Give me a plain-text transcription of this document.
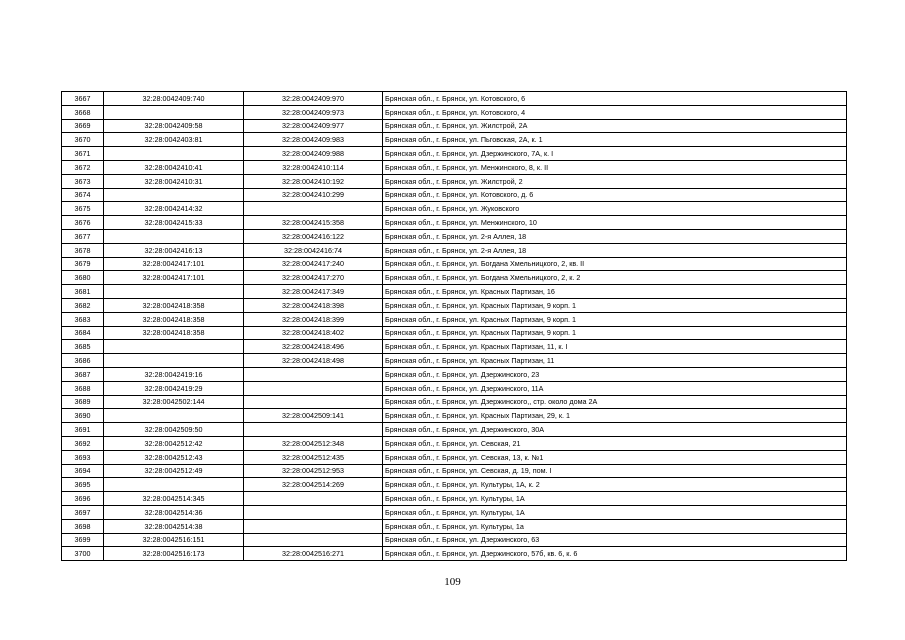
3667	32:28:0042409:740	32:28:0042409:970	Брянская обл., г. Брянск, ул. Котовского, 6
3668		32:28:0042409:973	Брянская обл., г. Брянск, ул. Котовского, 4
3669	32:28:0042409:58	32:28:0042409:977	Брянская обл., г. Брянск, ул. Жилстрой, 2А
3670	32:28:0042403:81	32:28:0042409:983	Брянская обл., г. Брянск, ул. Пьговская, 2А, к. 1
3671		32:28:0042409:988	Брянская обл., г. Брянск, ул. Дзержинского, 7А, к. I
3672	32:28:0042410:41	32:28:0042410:114	Брянская обл., г. Брянск, ул. Менжинского, 8, к. II
3673	32:28:0042410:31	32:28:0042410:192	Брянская обл., г. Брянск, ул. Жилстрой, 2
3674		32:28:0042410:299	Брянская обл., г. Брянск, ул. Котовского, д. 6
3675	32:28:0042414:32		Брянская обл., г. Брянск, ул. Жуковского
3676	32:28:0042415:33	32:28:0042415:358	Брянская обл., г. Брянск, ул. Менжинского, 10
3677		32:28:0042416:122	Брянская обл., г. Брянск, ул. 2-я Аллея, 18
3678	32:28:0042416:13	32:28:0042416:74	Брянская обл., г. Брянск, ул. 2-я Аллея, 18
3679	32:28:0042417:101	32:28:0042417:240	Брянская обл., г. Брянск, ул. Богдана Хмельницкого, 2, кв. II
3680	32:28:0042417:101	32:28:0042417:270	Брянская обл., г. Брянск, ул. Богдана Хмельницкого, 2, к. 2
3681		32:28:0042417:349	Брянская обл., г. Брянск, ул. Красных Партизан, 16
3682	32:28:0042418:358	32:28:0042418:398	Брянская обл., г. Брянск, ул. Красных Партизан, 9 корп. 1
3683	32:28:0042418:358	32:28:0042418:399	Брянская обл., г. Брянск, ул. Красных Партизан, 9 корп. 1
3684	32:28:0042418:358	32:28:0042418:402	Брянская обл., г. Брянск, ул. Красных Партизан, 9 корп. 1
3685		32:28:0042418:496	Брянская обл., г. Брянск, ул. Красных Партизан, 11, к. I
3686		32:28:0042418:498	Брянская обл., г. Брянск, ул. Красных Партизан, 11
3687	32:28:0042419:16		Брянская обл., г. Брянск, ул. Дзержинского, 23
3688	32:28:0042419:29		Брянская обл., г. Брянск, ул. Дзержинского, 11А
3689	32:28:0042502:144		Брянская обл., г. Брянск, ул. Дзержинского,, стр. около дома 2А
3690		32:28:0042509:141	Брянская обл., г. Брянск, ул. Красных Партизан, 29, к. 1
3691	32:28:0042509:50		Брянская обл., г. Брянск, ул. Дзержинского, 30А
3692	32:28:0042512:42	32:28:0042512:348	Брянская обл., г. Брянск, ул. Севская, 21
3693	32:28:0042512:43	32:28:0042512:435	Брянская обл., г. Брянск, ул. Севская, 13, к. №1
3694	32:28:0042512:49	32:28:0042512:953	Брянская обл., г. Брянск, ул. Севская, д. 19, пом. I
3695		32:28:0042514:269	Брянская обл., г. Брянск, ул. Культуры, 1А, к. 2
3696	32:28:0042514:345		Брянская обл., г. Брянск, ул. Культуры, 1А
3697	32:28:0042514:36		Брянская обл., г. Брянск, ул. Культуры, 1А
3698	32:28:0042514:38		Брянская обл., г. Брянск, ул. Культуры, 1а
3699	32:28:0042516:151		Брянская обл., г. Брянск, ул. Дзержинского, 63
3700	32:28:0042516:173	32:28:0042516:271	Брянская обл., г. Брянск, ул. Дзержинского, 57б, кв. 6, к. 6
109
